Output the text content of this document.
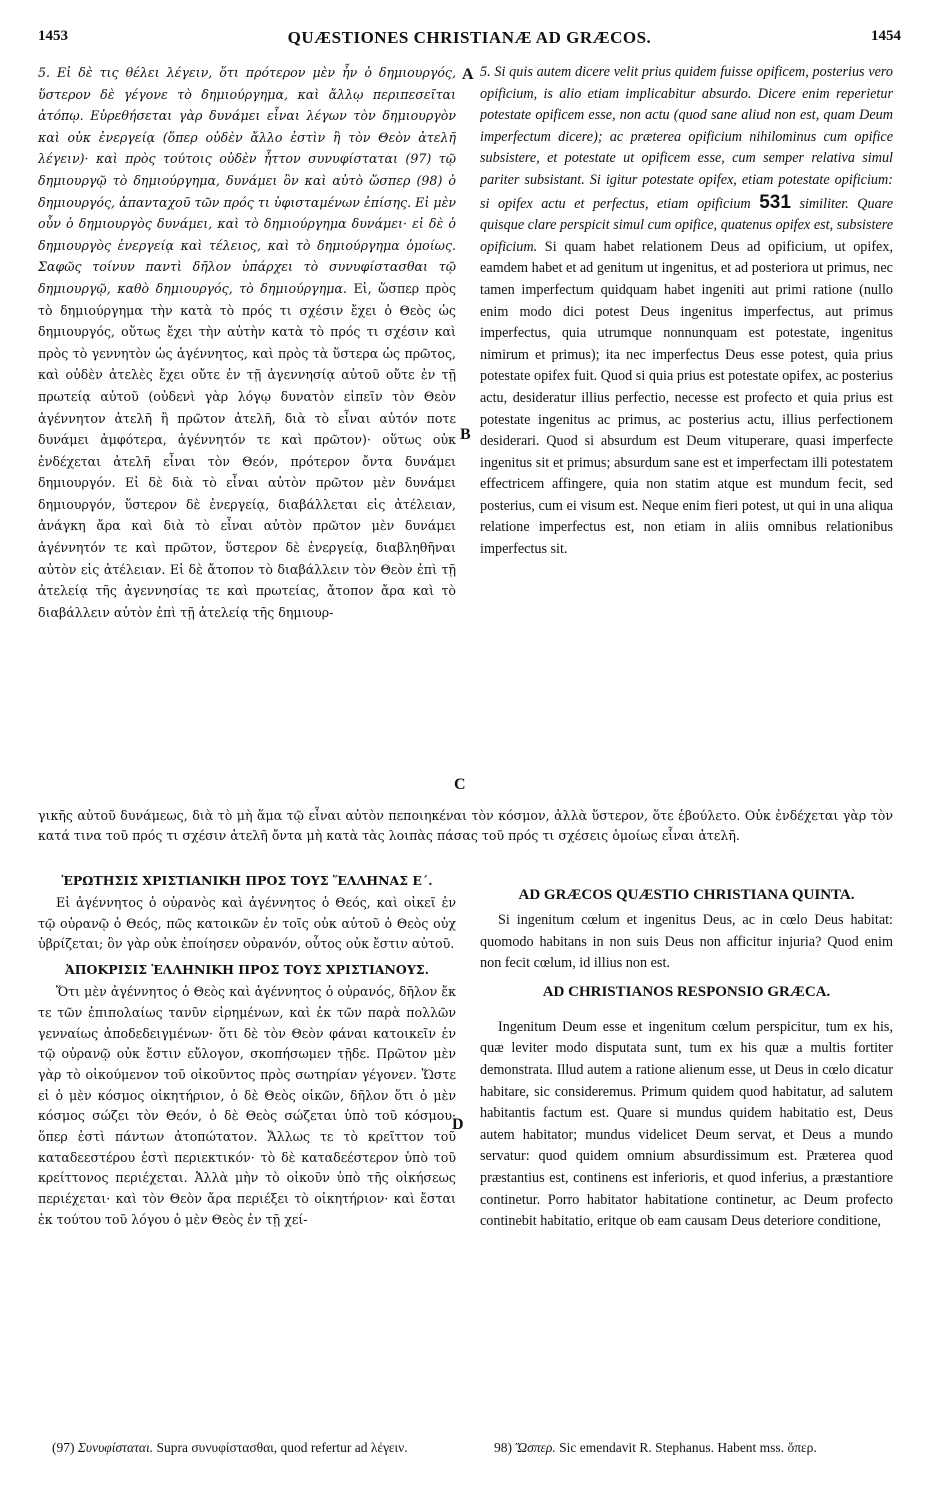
1453	QUÆSTIONES CHRISTIANÆ AD GRÆCOS.	1454
A
B
C
D

5. Εἰ δὲ τις θέλει λέγειν, ὅτι πρότερον μὲν ἦν ὁ δημιουργός, ὕστερον δὲ γέγονε τὸ δημιούργημα, καὶ ἄλλῳ περιπεσεῖται ἀτόπῳ. Εὑρεθήσεται γὰρ δυνάμει εἶναι λέγων τὸν δημιουργὸν καὶ οὐκ ἐνεργείᾳ (ὅπερ οὐδὲν ἄλλο ἐστὶν ἢ τὸν Θεὸν ἀτελῆ λέγειν)· καὶ πρὸς τούτοις οὐδὲν ἧττον συνυφίσταται (97) τῷ δημιουργῷ τὸ δημιούργημα, δυνάμει ὂν καὶ αὐτὸ ὥσπερ (98) ὁ δημιουργός, ἁπανταχοῦ τῶν πρός τι ὑφισταμένων ἐπίσης. Εἰ μὲν οὖν ὁ δημιουργὸς δυνάμει, καὶ τὸ δημιούργημα δυνάμει· εἰ δὲ ὁ δημιουργὸς ἐνεργείᾳ καὶ τέλειος, καὶ τὸ δημιούργημα ὁμοίως. Σαφῶς τοίνυν παντὶ δῆλον ὑπάρχει τὸ συνυφίστασθαι τῷ δημιουργῷ, καθὸ δημιουργός, τὸ δημιούργημα. Εἰ, ὥσπερ πρὸς τὸ δημιούργημα τὴν κατὰ τὸ πρός τι σχέσιν ἔχει ὁ Θεὸς ὡς δημιουργός, οὕτως ἔχει τὴν αὐτὴν κατὰ τὸ πρός τι σχέσιν καὶ πρὸς τὸ γεννητὸν ὡς ἀγέννητος, καὶ πρὸς τὰ ὕστερα ὡς πρῶτος, καὶ οὐδὲν ἀτελὲς ἔχει οὔτε ἐν τῇ ἀγεννησίᾳ αὐτοῦ οὔτε ἐν τῇ πρωτείᾳ αὐτοῦ (οὐδενὶ γὰρ λόγῳ δυνατὸν εἰπεῖν τὸν Θεὸν ἀγέννητον ἀτελῆ ἢ πρῶτον ἀτελῆ, διὰ τὸ εἶναι αὐτόν ποτε δυνάμει ἀμφότερα, ἀγέννητόν τε καὶ πρῶτον)· οὕτως οὐκ ἐνδέχεται ἀτελῆ εἶναι τὸν Θεόν, πρότερον ὄντα δυνάμει δημιουργόν. Εἰ δὲ διὰ τὸ εἶναι αὐτὸν πρῶτον μὲν δυνάμει δημιουργόν, ὕστερον δὲ ἐνεργείᾳ, διαβάλλεται εἰς ἀτέλειαν, ἀνάγκη ἄρα καὶ διὰ τὸ εἶναι αὐτὸν πρῶτον μὲν δυνάμει ἀγέννητόν τε καὶ πρῶτον, ὕστερον δὲ ἐνεργείᾳ, διαβληθῆναι αὐτὸν εἰς ἀτέλειαν. Εἰ δὲ ἄτοπον τὸ διαβάλλειν τὸν Θεὸν ἐπὶ τῇ ἀτελείᾳ τῆς ἀγεννησίας τε καὶ πρωτείας, ἄτοπον ἄρα καὶ τὸ διαβάλλειν αὐτὸν ἐπὶ τῇ ἀτελείᾳ τῆς δημιουρ-

5. Si quis autem dicere velit prius quidem fuisse opificem, posterius vero opificium, is alio etiam implicabitur absurdo. Dicere enim reperietur potestate opificem esse, non actu (quod sane aliud non est, quam Deum imperfectum dicere); ac præterea opificium nihilominus cum opifice subsistere, et potestate ut opificem esse, cum semper relativa simul pariter subsistant. Si igitur potestate opifex, etiam potestate opificium: si opifex actu et perfectus, etiam opificium 531 similiter. Quare quisque clare perspicit simul cum opifice, quatenus opifex est, subsistere opificium. Si quam habet relationem Deus ad opificium, ut opifex, eamdem habet et ad genitum ut ingenitus, et ad posteriora ut primus, nec tamen imperfectum quidquam habet ingeniti aut primi ratione (nullo enim modo dici potest Deus ingenitus imperfectus, aut primus imperfectus, quia utrumque nonnunquam est potestate, ingenitus nimirum et primus); ita nec imperfectus Deus esse potest, quia prius potestate opifex fuit. Quod si quia prius est potestate opifex, ac posterius actu, desideratur illius perfectio, necesse est profecto et quia prius est potestate ingenitus ac primus, ac posterius actu, illius perfectionem desiderari. Quod si absurdum est Deum vituperare, quasi imperfecte ingenitus sit et primus; absurdum sane est et imperfectam illi potestatem effectricem affingere, quia non statim atque est mundum fecit, sed posterius, cum ei visum est. Neque enim fieri potest, ut qui in una aliqua relatione imperfectus est, non etiam in aliis omnibus relationibus imperfectus sit.

γικῆς αὐτοῦ δυνάμεως, διὰ τὸ μὴ ἅμα τῷ εἶναι αὐτὸν πεποιηκέναι τὸν κόσμον, ἀλλὰ ὕστερον, ὅτε ἐβούλετο. Οὐκ ἐνδέχεται γὰρ τὸν κατά τινα τοῦ πρός τι σχέσιν ἀτελῆ ὄντα μὴ κατὰ τὰς λοιπὰς πάσας τοῦ πρός τι σχέσεις ὁμοίως εἶναι ἀτελῆ.
ἘΡΩΤΗΣΙΣ ΧΡΙΣΤΙΑΝΙΚΗ ΠΡΟΣ ΤΟΥΣ ἝΛΛΗΝΑΣ Ε΄.

Εἰ ἀγέννητος ὁ οὐρανὸς καὶ ἀγέννητος ὁ Θεός, καὶ οἰκεῖ ἐν τῷ οὐρανῷ ὁ Θεός, πῶς κατοικῶν ἐν τοῖς οὐκ αὐτοῦ ὁ Θεὸς οὐχ ὑβρίζεται; ὃν γὰρ οὐκ ἐποίησεν οὐρανόν, οὗτος οὐκ ἔστιν αὐτοῦ.

ἈΠΟΚΡΙΣΙΣ ἙΛΛΗΝΙΚΗ ΠΡΟΣ ΤΟΥΣ ΧΡΙΣΤΙΑΝΟΥΣ.

Ὅτι μὲν ἀγέννητος ὁ Θεὸς καὶ ἀγέννητος ὁ οὐρανός, δῆλον ἔκ τε τῶν ἐπιπολαίως τανῦν εἰρημένων, καὶ ἐκ τῶν παρὰ πολλῶν γενναίως ἀποδεδειγμένων· ὅτι δὲ τὸν Θεὸν φάναι κατοικεῖν ἐν τῷ οὐρανῷ οὐκ ἔστιν εὔλογον, σκοπήσωμεν τῇδε. Πρῶτον μὲν γὰρ τὸ οἰκούμενον τοῦ οἰκοῦντος πρὸς σωτηρίαν γέγονεν. Ὥστε εἰ ὁ μὲν κόσμος οἰκητήριον, ὁ δὲ Θεὸς οἰκῶν, δῆλον ὅτι ὁ μὲν κόσμος σώζει τὸν Θεόν, ὁ δὲ Θεὸς σώζεται ὑπὸ τοῦ κόσμου· ὅπερ ἐστὶ πάντων ἀτοπώτατον. Ἄλλως τε τὸ κρεῖττον τοῦ καταδεεστέρου ἐστὶ περιεκτικόν· τὸ δὲ καταδεέστερον ὑπὸ τοῦ κρείττονος περιέχεται. Ἀλλὰ μὴν τὸ οἰκοῦν ὑπὸ τῆς οἰκήσεως περιέχεται· καὶ τὸν Θεὸν ἄρα περιέξει τὸ οἰκητήριον· καὶ ἔσται ἐκ τούτου τοῦ λόγου ὁ μὲν Θεὸς ἐν τῇ χεί-

AD GRÆCOS QUÆSTIO CHRISTIANA QUINTA.

Si ingenitum cœlum et ingenitus Deus, ac in cœlo Deus habitat: quomodo habitans in non suis Deus non afficitur injuria? Quod enim non fecit cœlum, id illius non est.

AD CHRISTIANOS RESPONSIO GRÆCA.

Ingenitum Deum esse et ingenitum cœlum perspicitur, tum ex his, quæ leviter modo disputata sunt, tum ex his quæ a multis fortiter demonstrata. Illud autem a ratione alienum esse, ut Deus in cœlo dicatur habitare, sic consideremus. Primum quidem quod habitatur, ad salutem habitantis factum est. Quare si mundus quidem habitatio est, Deus autem habitator; mundus videlicet Deum servat, et Deus a mundo servatur: quod quidem omnium absurdissimum est. Præterea quod præstantius est, continens est inferioris, et quod inferius, a præstantiore continetur. Porro habitator habitatione continetur, ac Deum profecto continebit habitatio, eritque ob eam causam Deus deteriore conditione,

(97) Συνυφίσταται. Supra συνυφίστασθαι, quod refertur ad λέγειν.	98) Ὥσπερ. Sic emendavit R. Stephanus. Habent mss. ὅπερ.
